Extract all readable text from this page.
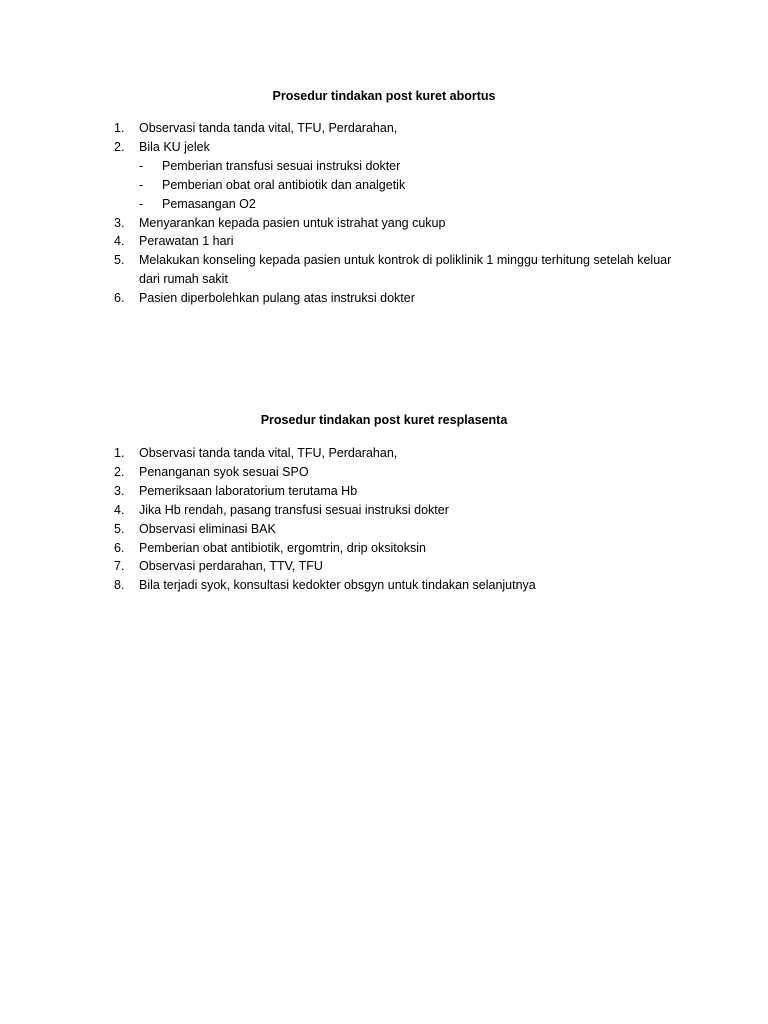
Prosedur tindakan post kuret abortus
1.	Observasi tanda tanda vital, TFU, Perdarahan,
2.	Bila KU jelek
- Pemberian transfusi sesuai instruksi dokter
- Pemberian obat oral antibiotik dan analgetik
- Pemasangan O2
3.	Menyarankan kepada pasien untuk istrahat yang cukup
4.	Perawatan 1 hari
5.	Melakukan konseling kepada pasien untuk kontrok di poliklinik 1 minggu terhitung setelah keluar dari rumah sakit
6.	Pasien diperbolehkan pulang atas instruksi dokter
Prosedur tindakan post kuret resplasenta
1.	Observasi tanda tanda vital, TFU, Perdarahan,
2.	Penanganan syok sesuai SPO
3.	Pemeriksaan laboratorium terutama Hb
4.	Jika Hb rendah, pasang transfusi sesuai instruksi dokter
5.	Observasi eliminasi BAK
6.	Pemberian obat antibiotik, ergomtrin, drip oksitoksin
7.	Observasi perdarahan, TTV, TFU
8.	Bila terjadi syok, konsultasi kedokter obsgyn untuk tindakan selanjutnya
